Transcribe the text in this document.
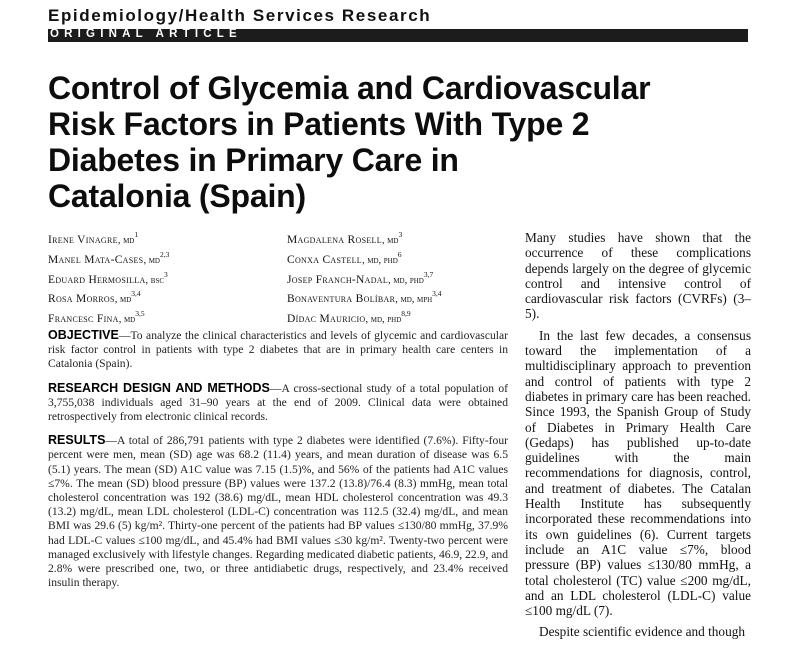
Epidemiology/Health Services Research
ORIGINAL ARTICLE
Control of Glycemia and Cardiovascular
Risk Factors in Patients With Type 2
Diabetes in Primary Care in
Catalonia (Spain)
Irene Vinagre, $md^1$
Manel Mata-Cases, md$^{2,3}$
Eduard Hermosilla, bsc$^3$
Rosa Morros, md$^{3,4}$
Francesc Fina, md$^{3,5}$
Magdalena Rosell, $md^3$
Conxa Castell, md, phd$^6$
Josep Franch-Nadal, md, phd$^{3,7}$
Bonaventura Bolíbar, md, mph$^{3,4}$
Dídac Mauricio, md, phd$^{8,9}$

OBJECTIVE—To analyze the clinical characteristics and levels of glycemic and cardiovascular risk factor control in patients with type 2 diabetes that are in primary health care centers in Catalonia (Spain).

RESEARCH DESIGN AND METHODS—A cross-sectional study of a total population of 3,755,038 individuals aged 31–90 years at the end of 2009. Clinical data were obtained retrospectively from electronic clinical records.

RESULTS—A total of 286,791 patients with type 2 diabetes were identified (7.6%). Fifty-four percent were men, mean (SD) age was 68.2 (11.4) years, and mean duration of disease was 6.5 (5.1) years. The mean (SD) A1C value was 7.15 (1.5)%, and 56% of the patients had A1C values ≤7%. The mean (SD) blood pressure (BP) values were 137.2 (13.8)/76.4 (8.3) mmHg, mean total cholesterol concentration was 192 (38.6) mg/dL, mean HDL cholesterol concentration was 49.3 (13.2) mg/dL, mean LDL cholesterol (LDL-C) concentration was 112.5 (32.4) mg/dL, and mean BMI was 29.6 (5) kg/m². Thirty-one percent of the patients had BP values ≤130/80 mmHg, 37.9% had LDL-C values ≤100 mg/dL, and 45.4% had BMI values ≤30 kg/m². Twenty-two percent were managed exclusively with lifestyle changes. Regarding medicated diabetic patients, 46.9, 22.9, and 2.8% were prescribed one, two, or three antidiabetic drugs, respectively, and 23.4% received insulin therapy.

Many studies have shown that the occurrence of these complications depends largely on the degree of glycemic control and intensive control of cardiovascular risk factors (CVRFs) (3–5).

In the last few decades, a consensus toward the implementation of a multidisciplinary approach to prevention and control of patients with type 2 diabetes in primary care has been reached. Since 1993, the Spanish Group of Study of Diabetes in Primary Health Care (Gedaps) has published up-to-date guidelines with the main recommendations for diagnosis, control, and treatment of diabetes. The Catalan Health Institute has subsequently incorporated these recommendations into its own guidelines (6). Current targets include an A1C value ≤7%, blood pressure (BP) values ≤130/80 mmHg, a total cholesterol (TC) value ≤200 mg/dL, and an LDL cholesterol (LDL-C) value ≤100 mg/dL (7).

Despite scientific evidence and though
